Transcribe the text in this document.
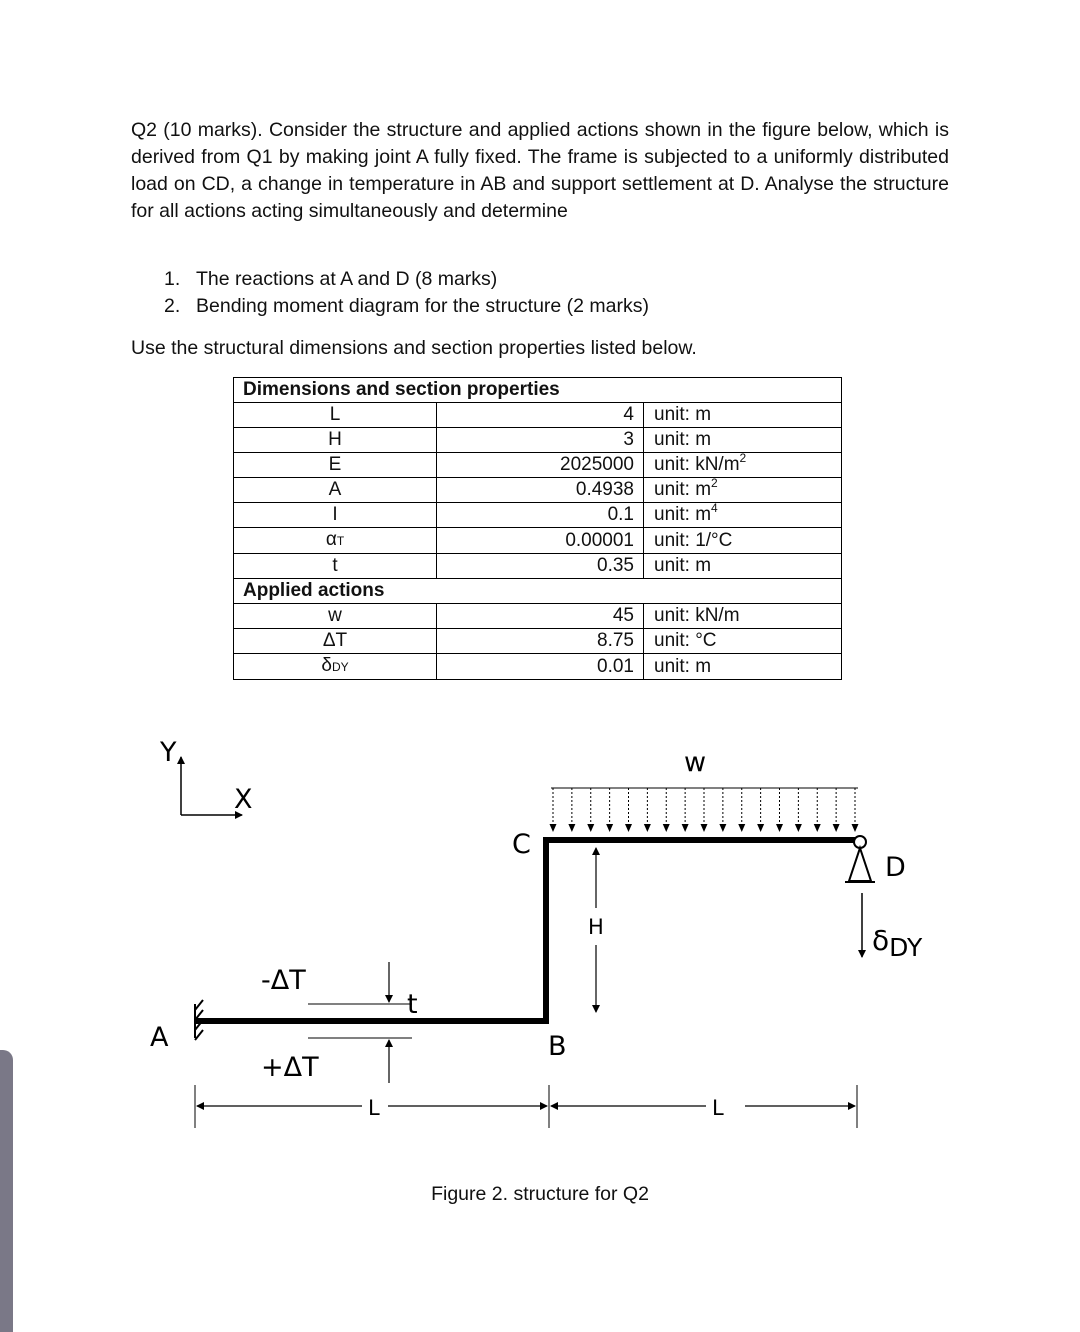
Q2 (10 marks). Consider the structure and applied actions shown in the figure below, which is derived from Q1 by making joint A fully fixed. The frame is subjected to a uniformly distributed load on CD, a change in temperature in AB and support settlement at D. Analyse the structure for all actions acting simultaneously and determine

1. The reactions at A and D (8 marks)
2. Bending moment diagram for the structure (2 marks)

Use the structural dimensions and section properties listed below.

Dimensions and section properties		
L	4	unit: m
H	3	unit: m
E	2025000	unit: $kN/m^2$
A	0.4938	unit: $m^2$
I	0.1	unit: $m^4$
αT	0.00001	unit: 1/°C
t	0.35	unit: m
Applied actions		
w	45	unit: kN/m
ΔT	8.75	unit: °C
δDY	0.01	unit: m
Y
X
A	B
C
D
w
H
t
-ΔT
+ΔT
L	L
δDY

Figure 2. structure for Q2
